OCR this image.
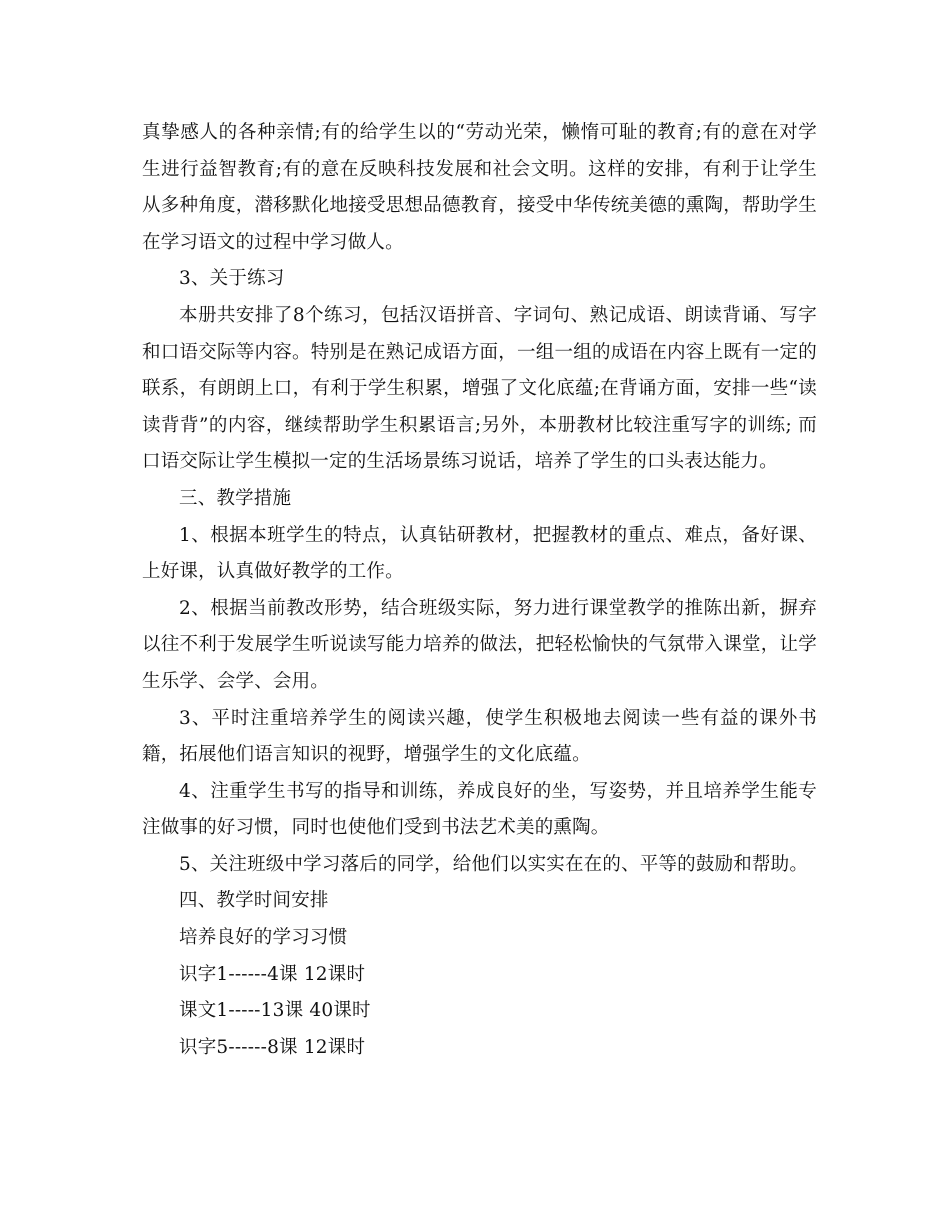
真挚感人的各种亲情;有的给学生以的“劳动光荣，懒惰可耻的教育;有的意在对学生进行益智教育;有的意在反映科技发展和社会文明。这样的安排，有利于让学生从多种角度，潜移默化地接受思想品德教育，接受中华传统美德的熏陶，帮助学生在学习语文的过程中学习做人。

3、关于练习

本册共安排了8个练习，包括汉语拼音、字词句、熟记成语、朗读背诵、写字和口语交际等内容。特别是在熟记成语方面，一组一组的成语在内容上既有一定的联系，有朗朗上口，有利于学生积累，增强了文化底蕴;在背诵方面，安排一些“读读背背”的内容，继续帮助学生积累语言;另外，本册教材比较注重写字的训练; 而口语交际让学生模拟一定的生活场景练习说话，培养了学生的口头表达能力。

三、教学措施

1、根据本班学生的特点，认真钻研教材，把握教材的重点、难点，备好课、上好课，认真做好教学的工作。

2、根据当前教改形势，结合班级实际，努力进行课堂教学的推陈出新，摒弃以往不利于发展学生听说读写能力培养的做法，把轻松愉快的气氛带入课堂，让学生乐学、会学、会用。

3、平时注重培养学生的阅读兴趣，使学生积极地去阅读一些有益的课外书籍，拓展他们语言知识的视野，增强学生的文化底蕴。

4、注重学生书写的指导和训练，养成良好的坐，写姿势，并且培养学生能专注做事的好习惯，同时也使他们受到书法艺术美的熏陶。

5、关注班级中学习落后的同学，给他们以实实在在的、平等的鼓励和帮助。

四、教学时间安排

培养良好的学习习惯

识字1------4课 12课时

课文1-----13课 40课时

识字5------8课 12课时
